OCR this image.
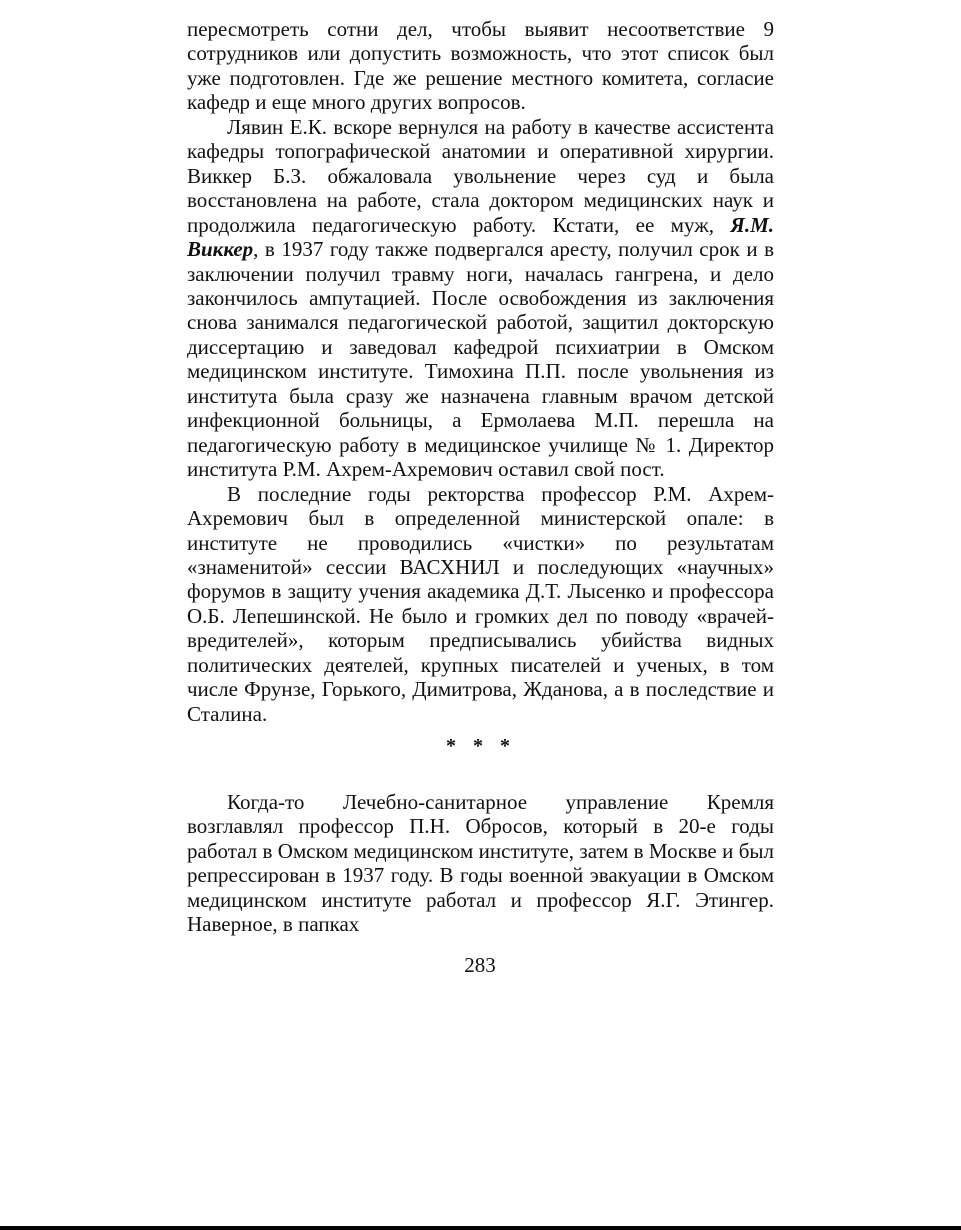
пересмотреть сотни дел, чтобы выявит несоответствие 9 сотрудников или допустить возможность, что этот список был уже подготовлен. Где же решение местного комитета, согласие кафедр и еще много других вопросов.

Лявин Е.К. вскоре вернулся на работу в качестве ассистента кафедры топографической анатомии и оперативной хирургии. Виккер Б.З. обжаловала увольнение через суд и была восстановлена на работе, стала доктором медицинских наук и продолжила педагогическую работу. Кстати, ее муж, Я.М. Виккер, в 1937 году также подвергался аресту, получил срок и в заключении получил травму ноги, началась гангрена, и дело закончилось ампутацией. После освобождения из заключения снова занимался педагогической работой, защитил докторскую диссертацию и заведовал кафедрой психиатрии в Омском медицинском институте. Тимохина П.П. после увольнения из института была сразу же назначена главным врачом детской инфекционной больницы, а Ермолаева М.П. перешла на педагогическую работу в медицинское училище № 1. Директор института Р.М. Ахрем-Ахремович оставил свой пост.

В последние годы ректорства профессор Р.М. Ахрем-Ахремович был в определенной министерской опале: в институте не проводились «чистки» по результатам «знаменитой» сессии ВАСХНИЛ и последующих «научных» форумов в защиту учения академика Д.Т. Лысенко и профессора О.Б. Лепешинской. Не было и громких дел по поводу «врачей-вредителей», которым предписывались убийства видных политических деятелей, крупных писателей и ученых, в том числе Фрунзе, Горького, Димитрова, Жданова, а в последствие и Сталина.

* * *

Когда-то Лечебно-санитарное управление Кремля возглавлял профессор П.Н. Обросов, который в 20-е годы работал в Омском медицинском институте, затем в Москве и был репрессирован в 1937 году. В годы военной эвакуации в Омском медицинском институте работал и профессор Я.Г. Этингер. Наверное, в папках

283
